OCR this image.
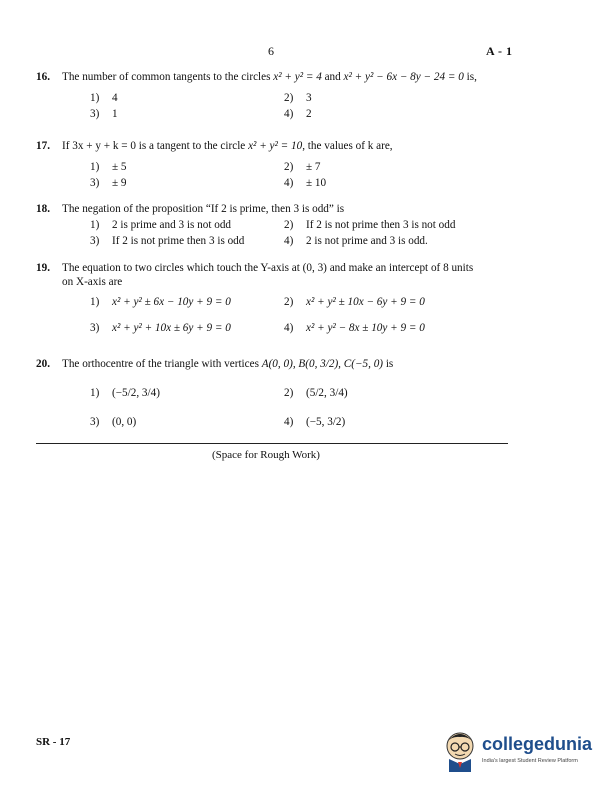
6	A - 1
16. The number of common tangents to the circles x² + y² = 4 and x² + y² − 6x − 8y − 24 = 0 is,
1) 4	2) 3
3) 1	4) 2
17. If 3x + y + k = 0 is a tangent to the circle x² + y² = 10, the values of k are,
1) ± 5	2) ± 7
3) ± 9	4) ± 10
18. The negation of the proposition “If 2 is prime, then 3 is odd” is
1) 2 is prime and 3 is not odd	2) If 2 is not prime then 3 is not odd
3) If 2 is not prime then 3 is odd	4) 2 is not prime and 3 is odd.
19. The equation to two circles which touch the Y-axis at (0, 3) and make an intercept of 8 units
on X-axis are
1) x² + y² ± 6x − 10y + 9 = 0	2) x² + y² ± 10x − 6y + 9 = 0
3) x² + y² + 10x ± 6y + 9 = 0	4) x² + y² − 8x ± 10y + 9 = 0
20. The orthocentre of the triangle with vertices A(0, 0), B(0, 3/2), C(−5, 0) is
1) (−5/2, 3/4)	2) (5/2, 3/4)
3) (0, 0)	4) (−5, 3/2)
(Space for Rough Work)
SR - 17	collegedunia
India's largest Student Review Platform
